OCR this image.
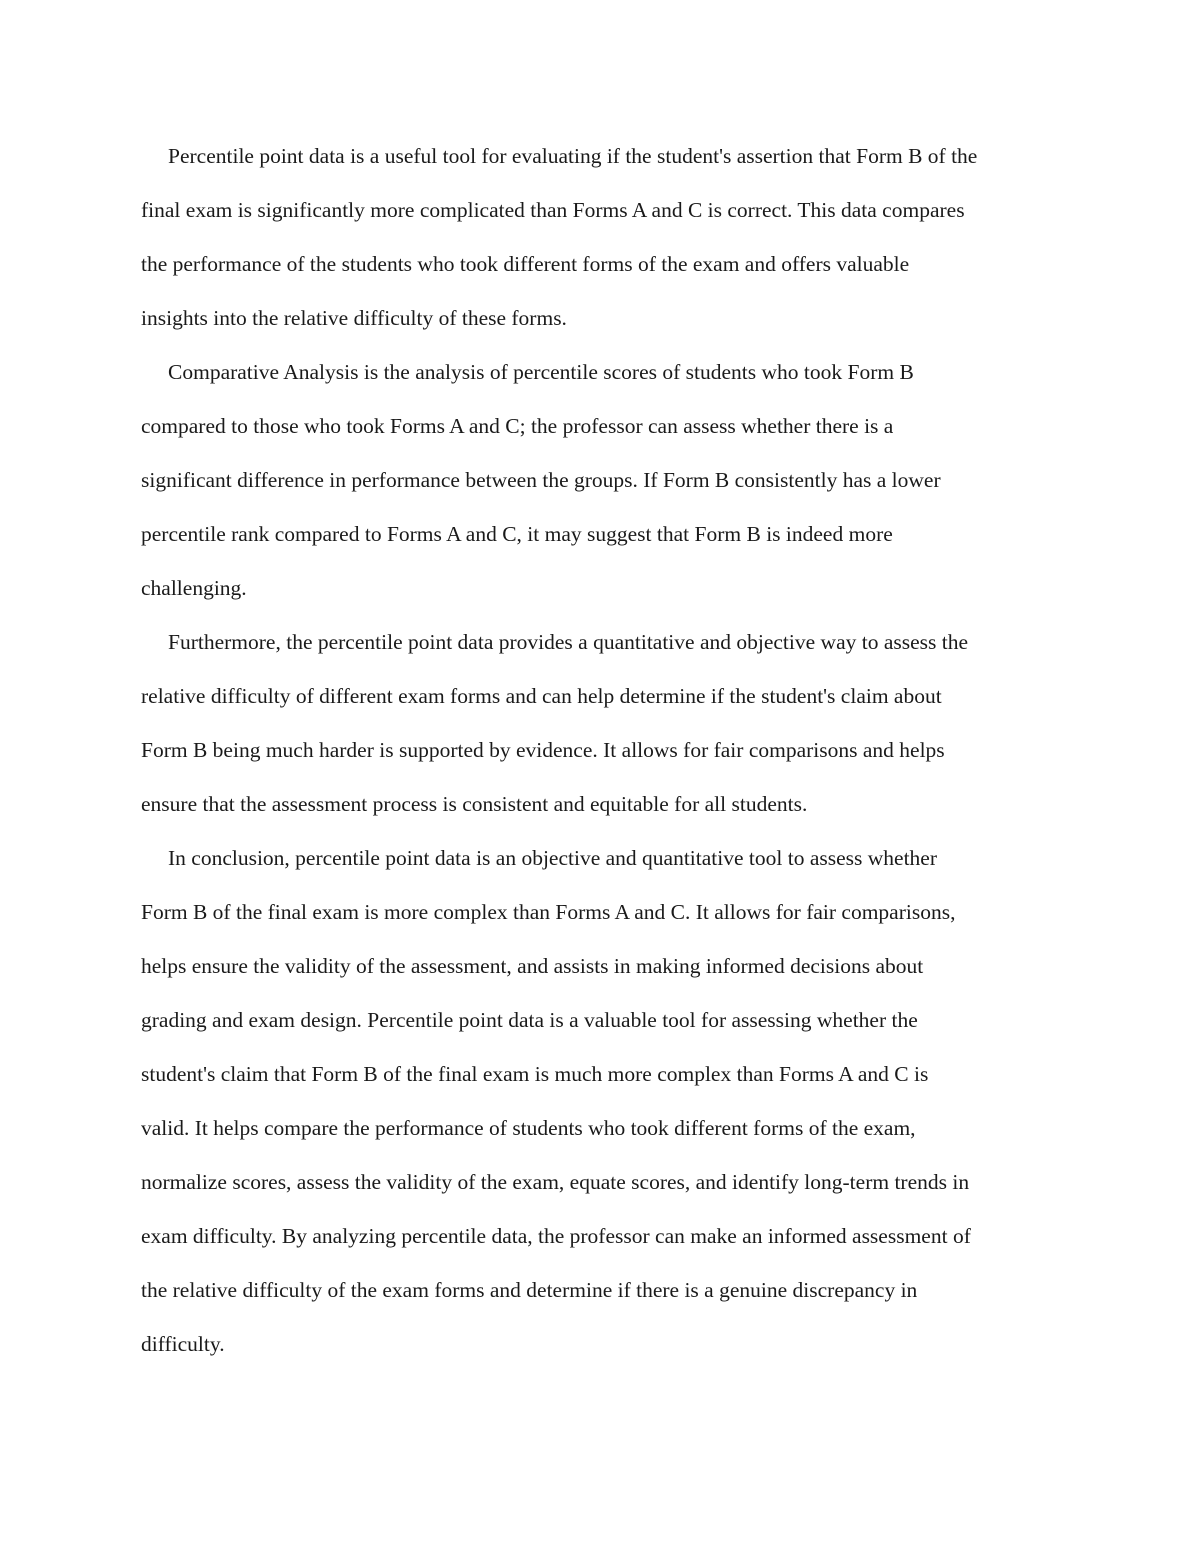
Percentile point data is a useful tool for evaluating if the student's assertion that Form B of the
final exam is significantly more complicated than Forms A and C is correct. This data compares
the performance of the students who took different forms of the exam and offers valuable
insights into the relative difficulty of these forms.

Comparative Analysis is the analysis of percentile scores of students who took Form B
compared to those who took Forms A and C; the professor can assess whether there is a
significant difference in performance between the groups. If Form B consistently has a lower
percentile rank compared to Forms A and C, it may suggest that Form B is indeed more
challenging.

Furthermore, the percentile point data provides a quantitative and objective way to assess the
relative difficulty of different exam forms and can help determine if the student's claim about
Form B being much harder is supported by evidence. It allows for fair comparisons and helps
ensure that the assessment process is consistent and equitable for all students.

In conclusion, percentile point data is an objective and quantitative tool to assess whether
Form B of the final exam is more complex than Forms A and C. It allows for fair comparisons,
helps ensure the validity of the assessment, and assists in making informed decisions about
grading and exam design. Percentile point data is a valuable tool for assessing whether the
student's claim that Form B of the final exam is much more complex than Forms A and C is
valid. It helps compare the performance of students who took different forms of the exam,
normalize scores, assess the validity of the exam, equate scores, and identify long-term trends in
exam difficulty. By analyzing percentile data, the professor can make an informed assessment of
the relative difficulty of the exam forms and determine if there is a genuine discrepancy in
difficulty.
